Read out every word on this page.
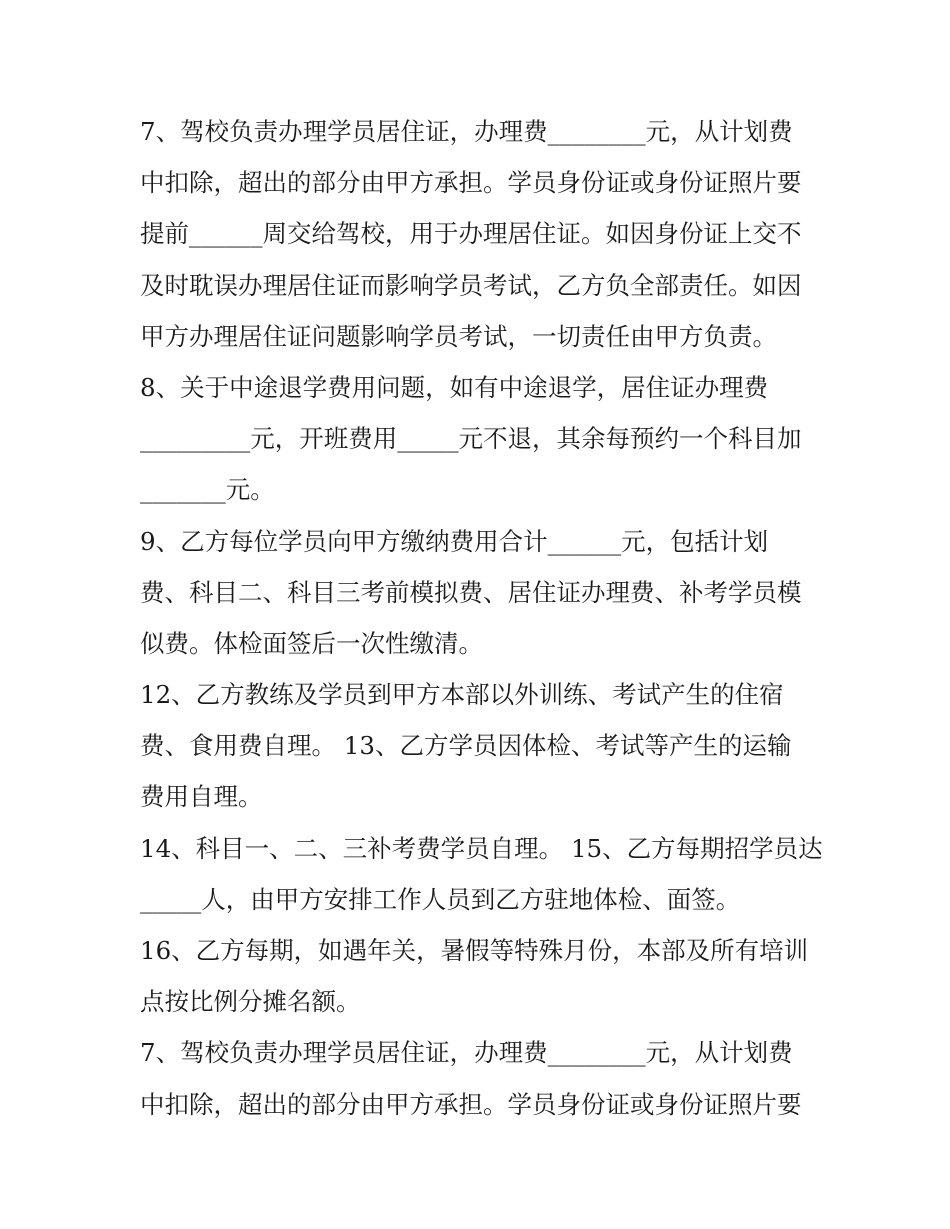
7、驾校负责办理学员居住证，办理费________元，从计划费
中扣除，超出的部分由甲方承担。学员身份证或身份证照片要
提前______周交给驾校，用于办理居住证。如因身份证上交不
及时耽误办理居住证而影响学员考试，乙方负全部责任。如因
甲方办理居住证问题影响学员考试，一切责任由甲方负责。
8、关于中途退学费用问题，如有中途退学，居住证办理费
_________元，开班费用_____元不退，其余每预约一个科目加
_______元。
9、乙方每位学员向甲方缴纳费用合计______元，包括计划
费、科目二、科目三考前模拟费、居住证办理费、补考学员模
似费。体检面签后一次性缴清。
12、乙方教练及学员到甲方本部以外训练、考试产生的住宿
费、食用费自理。 13、乙方学员因体检、考试等产生的运输
费用自理。
14、科目一、二、三补考费学员自理。 15、乙方每期招学员达
_____人，由甲方安排工作人员到乙方驻地体检、面签。
16、乙方每期，如遇年关，暑假等特殊月份，本部及所有培训
点按比例分摊名额。
7、驾校负责办理学员居住证，办理费________元，从计划费
中扣除，超出的部分由甲方承担。学员身份证或身份证照片要
